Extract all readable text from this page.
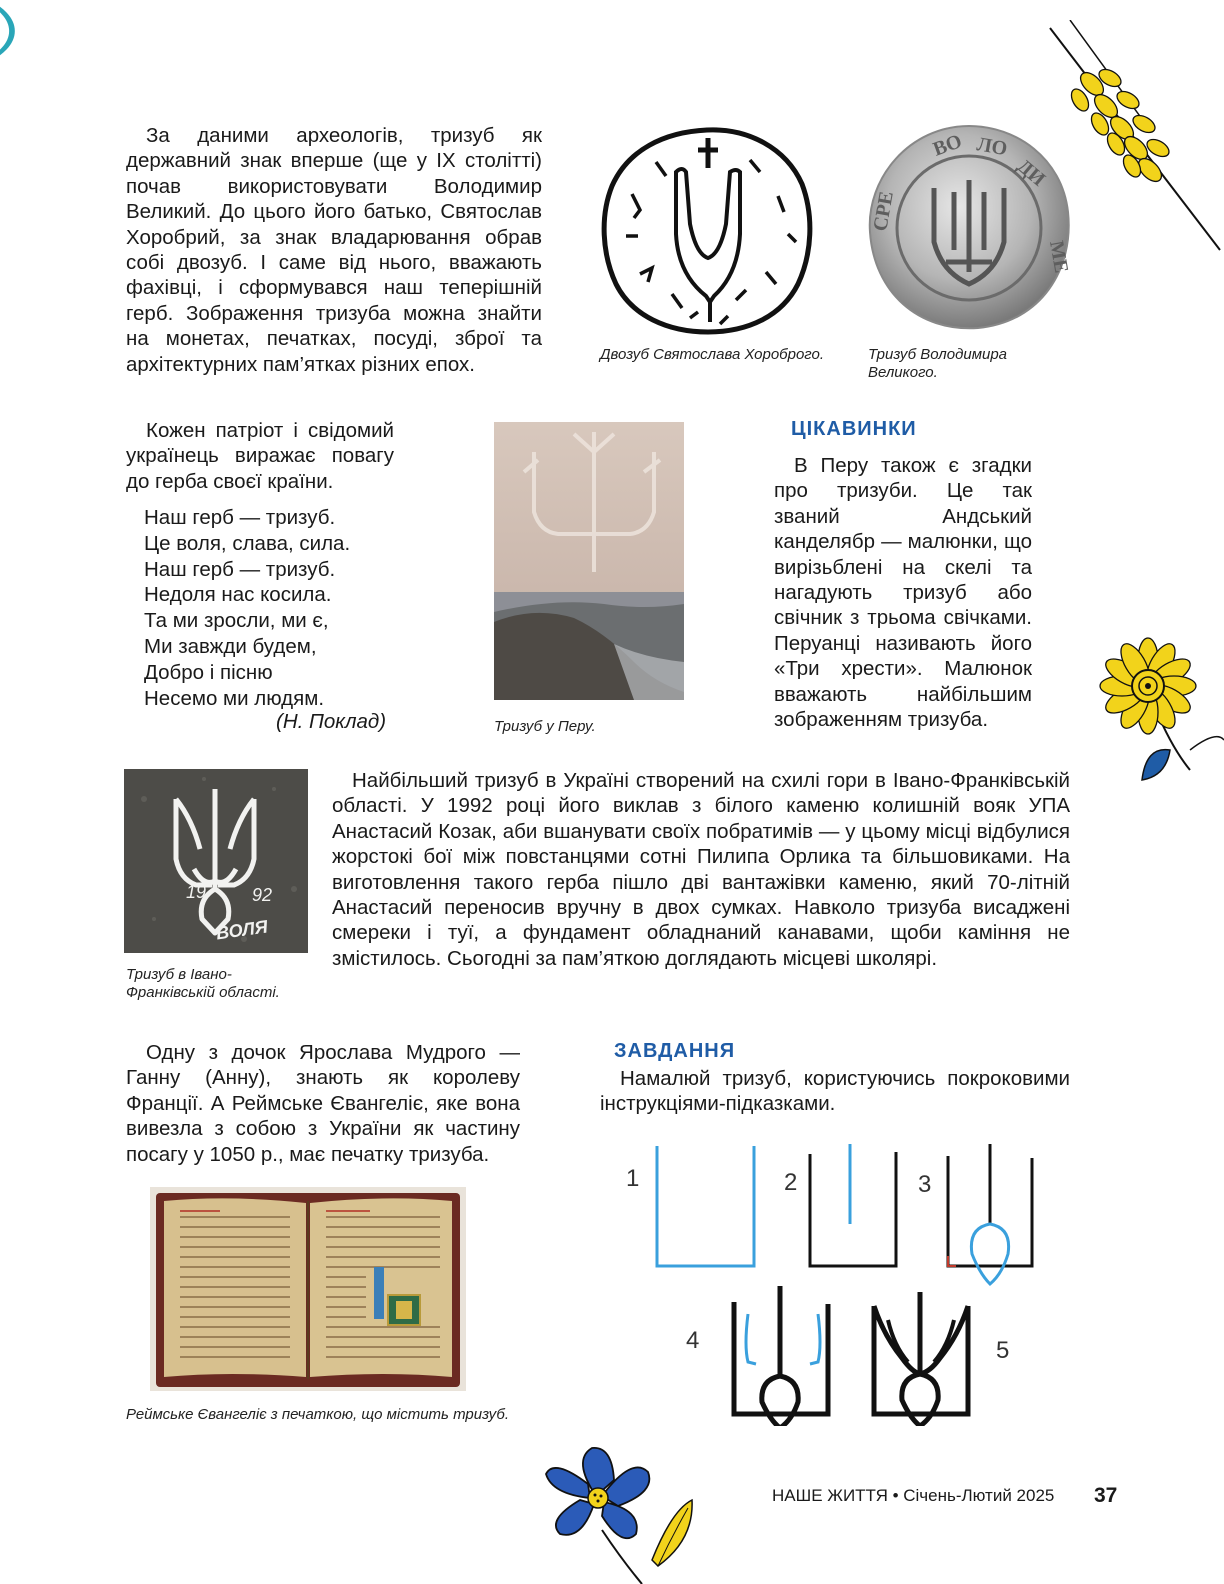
За даними археологів, тризуб як державний знак вперше (ще у IX столітті) почав використовувати Володимир Великий. До цього його батько, Святослав Хоробрий, за знак владарювання обрав собі двозуб. І саме від нього, вважають фахівці, і сформувався наш теперішній герб. Зображення тризуба можна знайти на монетах, печатках, посуді, зброї та архітектурних пам’ятках різних епох.	Двозуб Святослава Хороброго.
ВО ЛО
ДИ
СРЕ
МЕ
Тризуб Володимира Великого.

Кожен патріот і свідомий українець виражає повагу до герба своєї країни.

Наш герб — тризуб.
Це воля, слава, сила.
Наш герб — тризуб.
Недоля нас косила.
Та ми зросли, ми є,
Ми завжди будем,
Добро і пісню
Несемо ми людям.
(Н. Поклад)	Тризуб у Перу.
ЦІКАВИНКИ

В Перу також є згадки про тризуби. Це так званий Андський канделябр — малюнки, що вирізьблені на скелі та нагадують тризуб або свічник з трьома свічками. Перуанці називають його «Три хрести». Малюнок вважають найбільшим зображенням тризуба.

19	92
ВОЛЯ
Тризуб в Івано-Франківській області.

Найбільший тризуб в Україні створений на схилі гори в Івано-Франківській області. У 1992 році його виклав з білого каменю колишній вояк УПА Анастасий Козак, аби вшанувати своїх побратимів — у цьому місці відбулися жорстокі бої між повстанцями сотні Пилипа Орлика та більшовиками. На виготовлення такого герба пішло дві вантажівки каменю, який 70-літній Анастасий переносив вручну в двох сумках. Навколо тризуба висаджені смереки і туї, а фундамент обладнаний канавами, щоби каміння не змістилось. Сьогодні за пам’яткою доглядають місцеві школярі.

Одну з дочок Ярослава Мудрого — Ганну (Анну), знають як королеву Франції. А Реймське Євангеліє, яке вона вивезла з собою з України як частину посагу у 1050 р., має печатку тризуба.

Реймське Євангеліє з печаткою, що містить тризуб.
ЗАВДАННЯ

Намалюй тризуб, користуючись покроковими інструкціями-підказками.

1	2	3
4	5
НАШЕ ЖИТТЯ • Січень-Лютий 2025 37
